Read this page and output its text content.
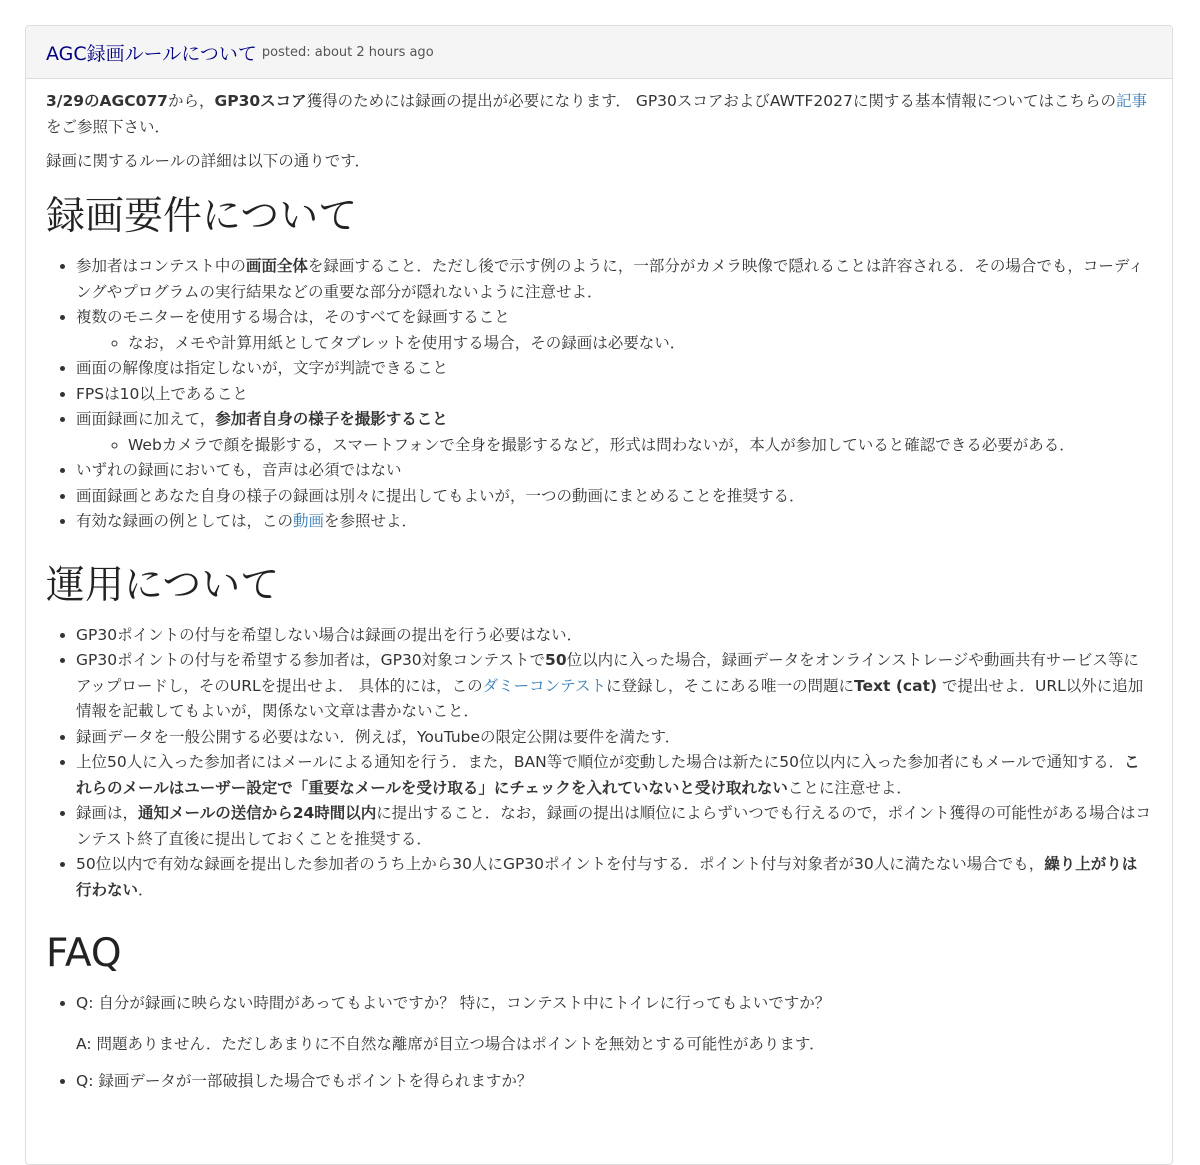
AGC録画ルールについて posted: about 2 hours ago

3/29のAGC077から，GP30スコア獲得のためには録画の提出が必要になります． GP30スコアおよびAWTF2027に関する基本情報についてはこちらの記事をご参照下さい．

録画に関するルールの詳細は以下の通りです．

録画要件について
• 参加者はコンテスト中の画面全体を録画すること．ただし後で示す例のように，一部分がカメラ映像で隠れることは許容される．その場合でも，コーディングやプログラムの実行結果などの重要な部分が隠れないように注意せよ．
• 複数のモニターを使用する場合は，そのすべてを録画すること
◦ なお，メモや計算用紙としてタブレットを使用する場合，その録画は必要ない．
• 画面の解像度は指定しないが，文字が判読できること
• FPSは10以上であること
• 画面録画に加えて，参加者自身の様子を撮影すること
◦ Webカメラで顔を撮影する，スマートフォンで全身を撮影するなど，形式は問わないが，本人が参加していると確認できる必要がある．
• いずれの録画においても，音声は必須ではない
• 画面録画とあなた自身の様子の録画は別々に提出してもよいが，一つの動画にまとめることを推奨する．
• 有効な録画の例としては，この動画を参照せよ．
運用について
• GP30ポイントの付与を希望しない場合は録画の提出を行う必要はない．
• GP30ポイントの付与を希望する参加者は，GP30対象コンテストで50位以内に入った場合，録画データをオンラインストレージや動画共有サービス等にアップロードし，そのURLを提出せよ． 具体的には，このダミーコンテストに登録し，そこにある唯一の問題にText (cat) で提出せよ．URL以外に追加情報を記載してもよいが，関係ない文章は書かないこと．
• 録画データを一般公開する必要はない．例えば，YouTubeの限定公開は要件を満たす．
• 上位50人に入った参加者にはメールによる通知を行う．また，BAN等で順位が変動した場合は新たに50位以内に入った参加者にもメールで通知する．これらのメールはユーザー設定で「重要なメールを受け取る」にチェックを入れていないと受け取れないことに注意せよ．
• 録画は，通知メールの送信から24時間以内に提出すること．なお，録画の提出は順位によらずいつでも行えるので，ポイント獲得の可能性がある場合はコンテスト終了直後に提出しておくことを推奨する．
• 50位以内で有効な録画を提出した参加者のうち上から30人にGP30ポイントを付与する．ポイント付与対象者が30人に満たない場合でも，繰り上がりは行わない．
FAQ
• Q: 自分が録画に映らない時間があってもよいですか？ 特に，コンテスト中にトイレに行ってもよいですか？
A: 問題ありません．ただしあまりに不自然な離席が目立つ場合はポイントを無効とする可能性があります．
• Q: 録画データが一部破損した場合でもポイントを得られますか？
